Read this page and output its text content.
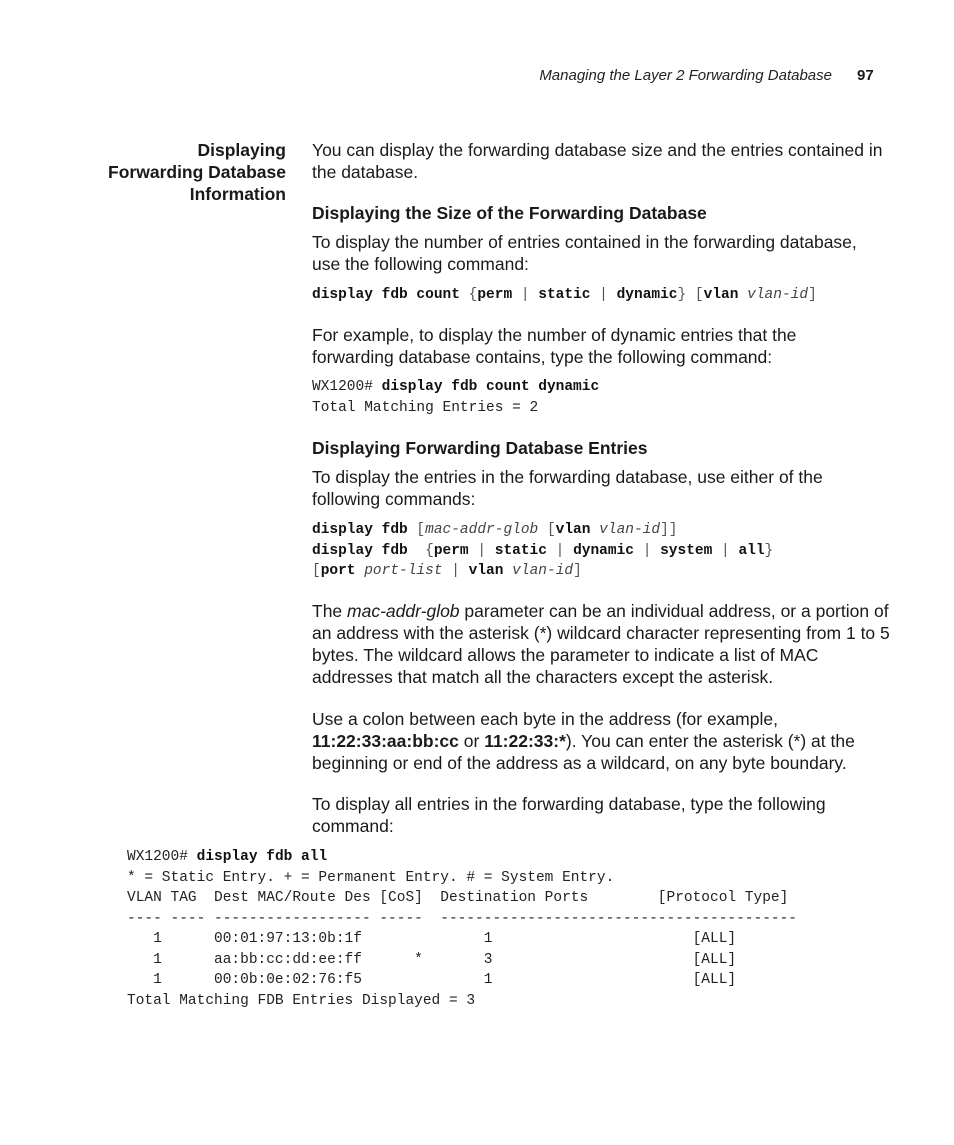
Managing the Layer 2 Forwarding Database 97
Displaying
Forwarding Database
Information

You can display the forwarding database size and the entries contained in the database.

Displaying the Size of the Forwarding Database

To display the number of entries contained in the forwarding database, use the following command:

display fdb count {perm | static | dynamic} [vlan vlan-id]

For example, to display the number of dynamic entries that the forwarding database contains, type the following command:

WX1200# display fdb count dynamic
Total Matching Entries = 2
Displaying Forwarding Database Entries

To display the entries in the forwarding database, use either of the following commands:

display fdb [mac-addr-glob [vlan vlan-id]]
display fdb  {perm | static | dynamic | system | all}
[port port-list | vlan vlan-id]

The mac-addr-glob parameter can be an individual address, or a portion of an address with the asterisk (*) wildcard character representing from 1 to 5 bytes. The wildcard allows the parameter to indicate a list of MAC addresses that match all the characters except the asterisk.

Use a colon between each byte in the address (for example, 11:22:33:aa:bb:cc or 11:22:33:*). You can enter the asterisk (*) at the beginning or end of the address as a wildcard, on any byte boundary.

To display all entries in the forwarding database, type the following command:

WX1200# display fdb all
* = Static Entry. + = Permanent Entry. # = System Entry.
VLAN TAG  Dest MAC/Route Des [CoS]  Destination Ports        [Protocol Type]
---- ---- ------------------ -----  -----------------------------------------
1      00:01:97:13:0b:1f              1                       [ALL]
1      aa:bb:cc:dd:ee:ff      *       3                       [ALL]
1      00:0b:0e:02:76:f5              1                       [ALL]
Total Matching FDB Entries Displayed = 3
